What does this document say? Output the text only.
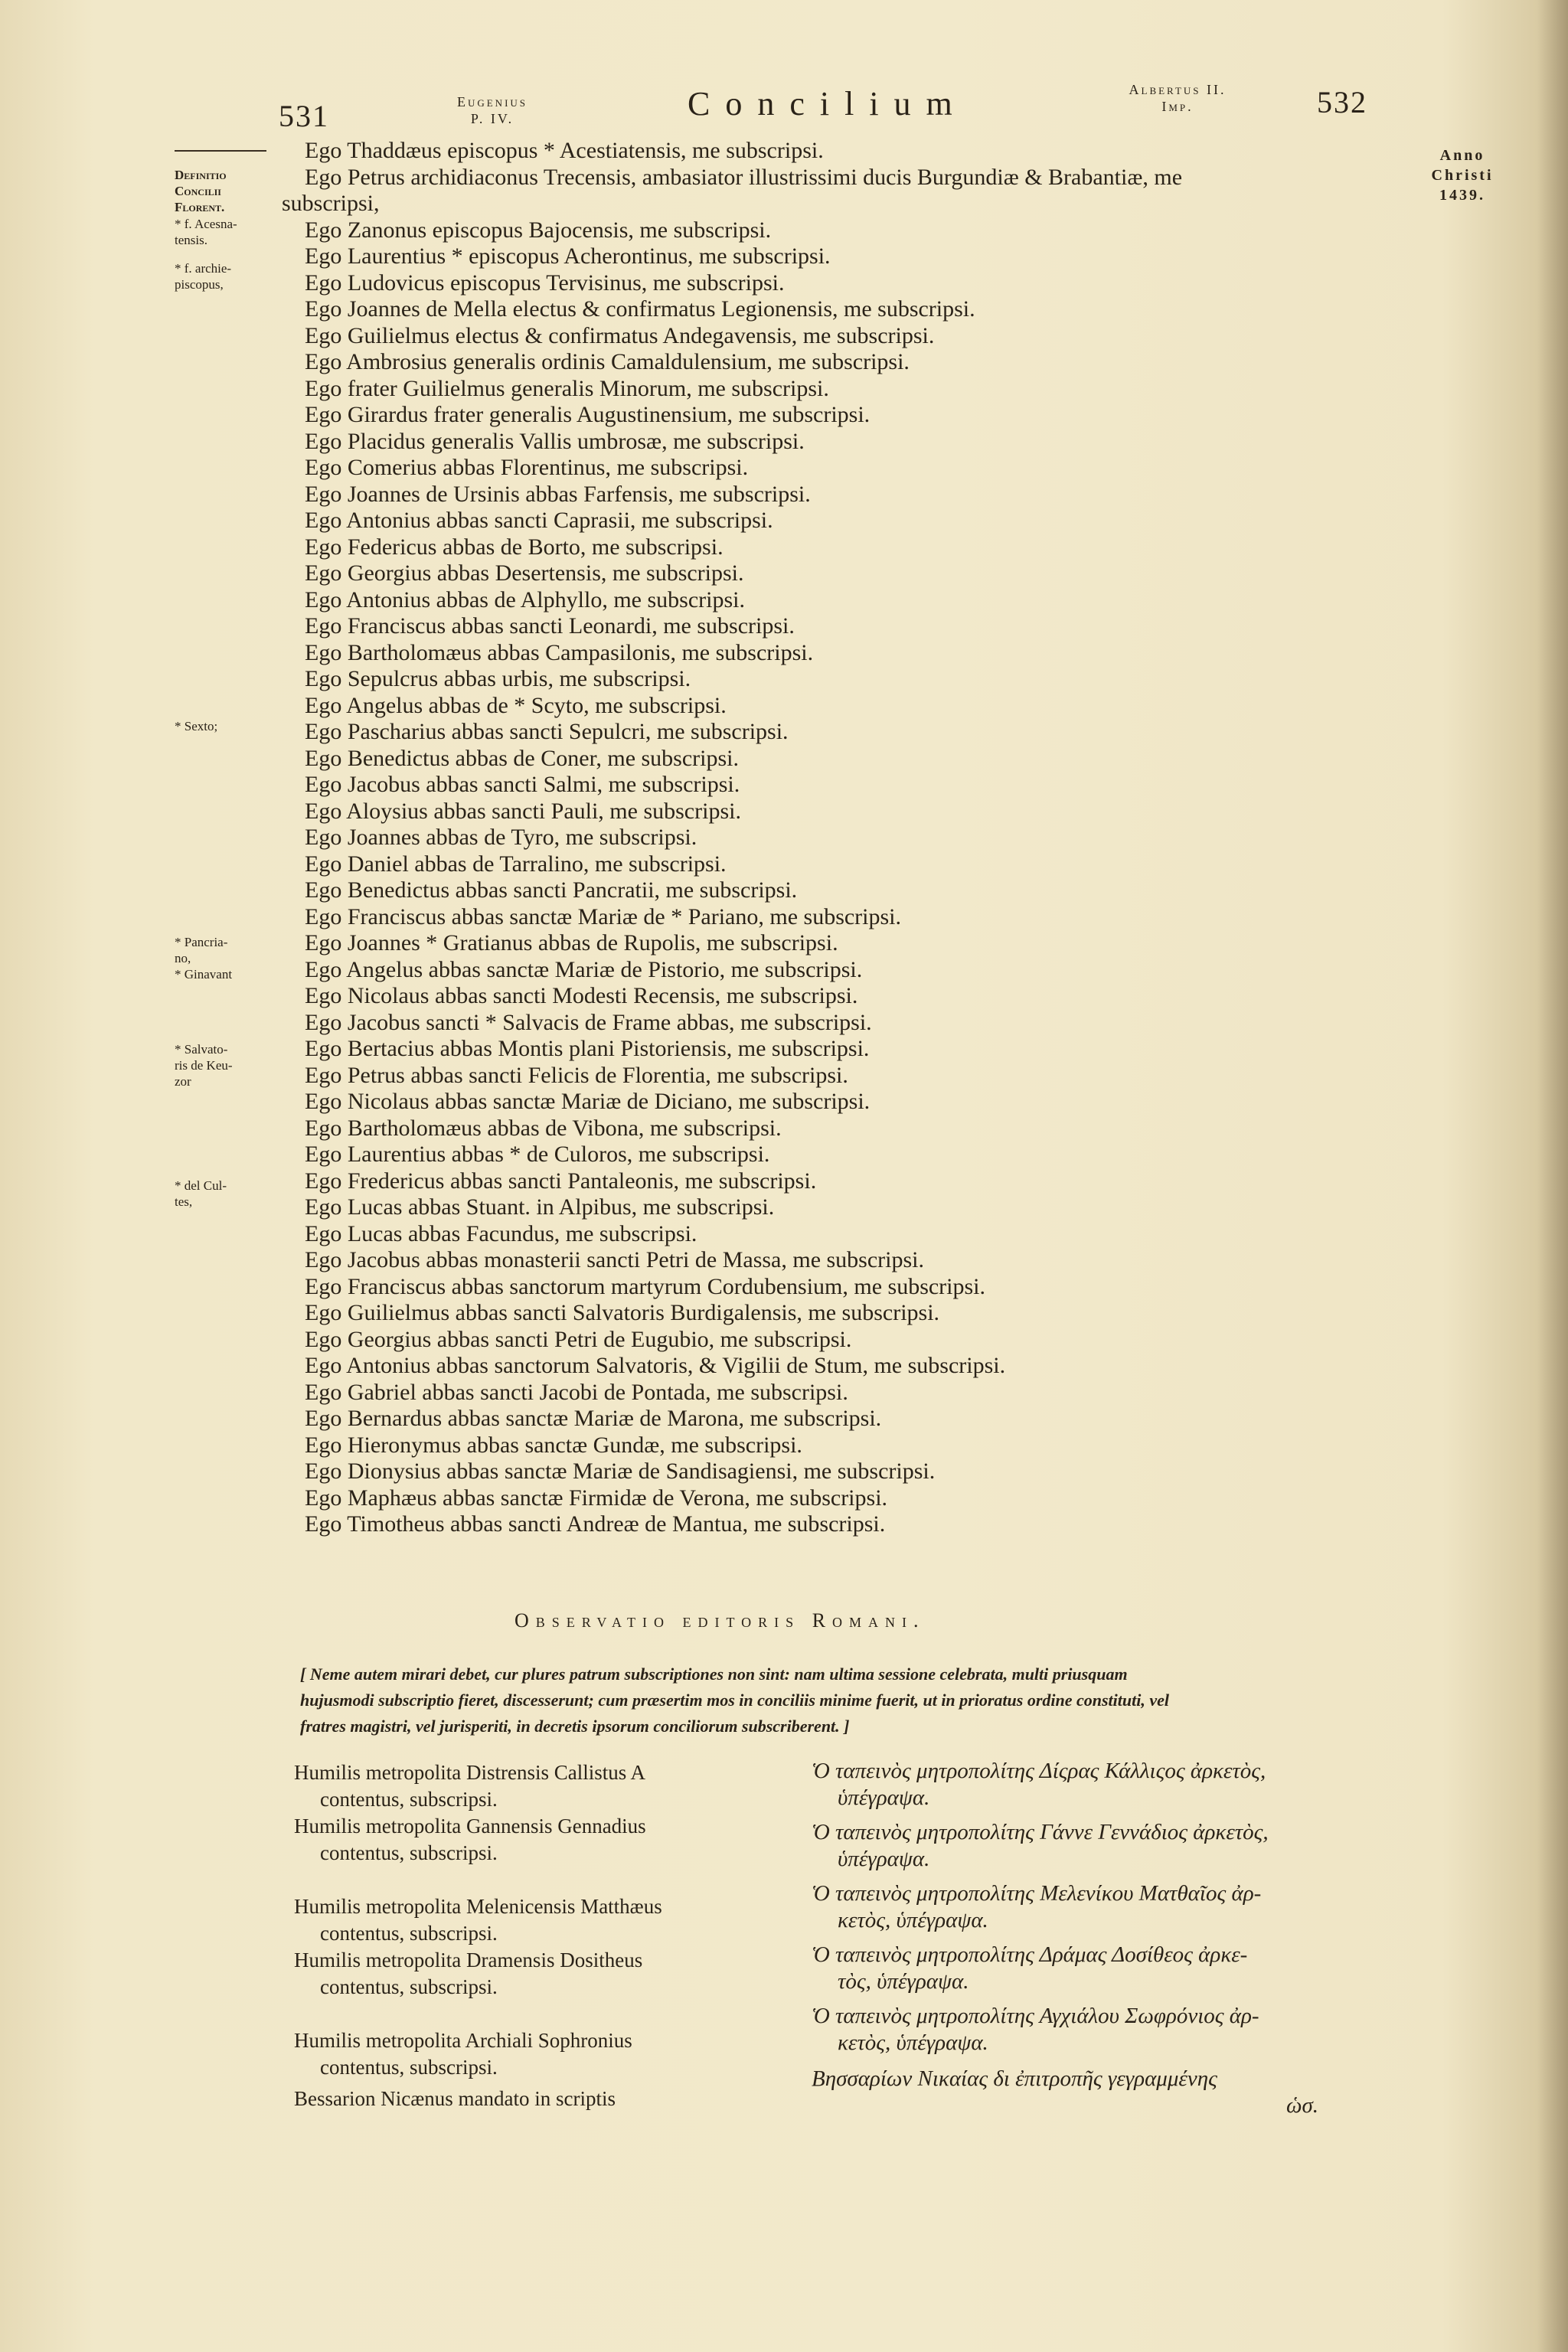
531	Eugenius
P. IV.	Concilium	Albertus II.
Imp.	532
Anno
Christi
1439.
Definitio
Concilii
Florent.
* f. Acesna-
tensis.
* f. archie-
piscopus,
* Sexto;
* Pancria-
no,
* Ginavant
* Salvato-
ris de Keu-
zor
* del Cul-
tes,
Ego Thaddæus episcopus * Acestiatensis, me subscripsi.
Ego Petrus archidiaconus Trecensis, ambasiator illustrissimi ducis Burgundiæ & Brabantiæ, me
subscripsi,
Ego Zanonus episcopus Bajocensis, me subscripsi.
Ego Laurentius * episcopus Acherontinus, me subscripsi.
Ego Ludovicus episcopus Tervisinus, me subscripsi.
Ego Joannes de Mella electus & confirmatus Legionensis, me subscripsi.
Ego Guilielmus electus & confirmatus Andegavensis, me subscripsi.
Ego Ambrosius generalis ordinis Camaldulensium, me subscripsi.
Ego frater Guilielmus generalis Minorum, me subscripsi.
Ego Girardus frater generalis Augustinensium, me subscripsi.
Ego Placidus generalis Vallis umbrosæ, me subscripsi.
Ego Comerius abbas Florentinus, me subscripsi.
Ego Joannes de Ursinis abbas Farfensis, me subscripsi.
Ego Antonius abbas sancti Caprasii, me subscripsi.
Ego Federicus abbas de Borto, me subscripsi.
Ego Georgius abbas Desertensis, me subscripsi.
Ego Antonius abbas de Alphyllo, me subscripsi.
Ego Franciscus abbas sancti Leonardi, me subscripsi.
Ego Bartholomæus abbas Campasilonis, me subscripsi.
Ego Sepulcrus abbas urbis, me subscripsi.
Ego Angelus abbas de * Scyto, me subscripsi.
Ego Pascharius abbas sancti Sepulcri, me subscripsi.
Ego Benedictus abbas de Coner, me subscripsi.
Ego Jacobus abbas sancti Salmi, me subscripsi.
Ego Aloysius abbas sancti Pauli, me subscripsi.
Ego Joannes abbas de Tyro, me subscripsi.
Ego Daniel abbas de Tarralino, me subscripsi.
Ego Benedictus abbas sancti Pancratii, me subscripsi.
Ego Franciscus abbas sanctæ Mariæ de * Pariano, me subscripsi.
Ego Joannes * Gratianus abbas de Rupolis, me subscripsi.
Ego Angelus abbas sanctæ Mariæ de Pistorio, me subscripsi.
Ego Nicolaus abbas sancti Modesti Recensis, me subscripsi.
Ego Jacobus sancti * Salvacis de Frame abbas, me subscripsi.
Ego Bertacius abbas Montis plani Pistoriensis, me subscripsi.
Ego Petrus abbas sancti Felicis de Florentia, me subscripsi.
Ego Nicolaus abbas sanctæ Mariæ de Diciano, me subscripsi.
Ego Bartholomæus abbas de Vibona, me subscripsi.
Ego Laurentius abbas * de Culoros, me subscripsi.
Ego Fredericus abbas sancti Pantaleonis, me subscripsi.
Ego Lucas abbas Stuant. in Alpibus, me subscripsi.
Ego Lucas abbas Facundus, me subscripsi.
Ego Jacobus abbas monasterii sancti Petri de Massa, me subscripsi.
Ego Franciscus abbas sanctorum martyrum Cordubensium, me subscripsi.
Ego Guilielmus abbas sancti Salvatoris Burdigalensis, me subscripsi.
Ego Georgius abbas sancti Petri de Eugubio, me subscripsi.
Ego Antonius abbas sanctorum Salvatoris, & Vigilii de Stum, me subscripsi.
Ego Gabriel abbas sancti Jacobi de Pontada, me subscripsi.
Ego Bernardus abbas sanctæ Mariæ de Marona, me subscripsi.
Ego Hieronymus abbas sanctæ Gundæ, me subscripsi.
Ego Dionysius abbas sanctæ Mariæ de Sandisagiensi, me subscripsi.
Ego Maphæus abbas sanctæ Firmidæ de Verona, me subscripsi.
Ego Timotheus abbas sancti Andreæ de Mantua, me subscripsi.
Observatio editoris Romani.
[ Neme autem mirari debet, cur plures patrum subscriptiones non sint: nam ultima sessione celebrata, multi priusquam
hujusmodi subscriptio fieret, discesserunt; cum præsertim mos in conciliis minime fuerit, ut in prioratus ordine constituti, vel
fratres magistri, vel jurisperiti, in decretis ipsorum conciliorum subscriberent. ]
Humilis metropolita Distrensis Callistus A
contentus, subscripsi.
Humilis metropolita Gannensis Gennadius
contentus, subscripsi.
Humilis metropolita Melenicensis Matthæus
contentus, subscripsi.
Humilis metropolita Dramensis Dositheus
contentus, subscripsi.
Humilis metropolita Archiali Sophronius
contentus, subscripsi.
Bessarion Nicænus mandato in scriptis
Ὁ ταπεινὸς μητροπολίτης Δίςρας Κάλλιςος ἀρκετὸς,
ὑπέγραψα.
Ὁ ταπεινὸς μητροπολίτης Γάννε Γεννάδιος ἀρκετὸς,
ὑπέγραψα.
Ὁ ταπεινὸς μητροπολίτης Μελενίκου Ματθαῖος ἀρ-
κετὸς, ὑπέγραψα.
Ὁ ταπεινὸς μητροπολίτης Δράμας Δοσίθεος ἀρκε-
τὸς, ὑπέγραψα.
Ὁ ταπεινὸς μητροπολίτης Αγχιάλου Σωφρόνιος ἀρ-
κετὸς, ὑπέγραψα.
Βησσαρίων Νικαίας δι ἐπιτροπῆς γεγραμμένης
ὡσ.
